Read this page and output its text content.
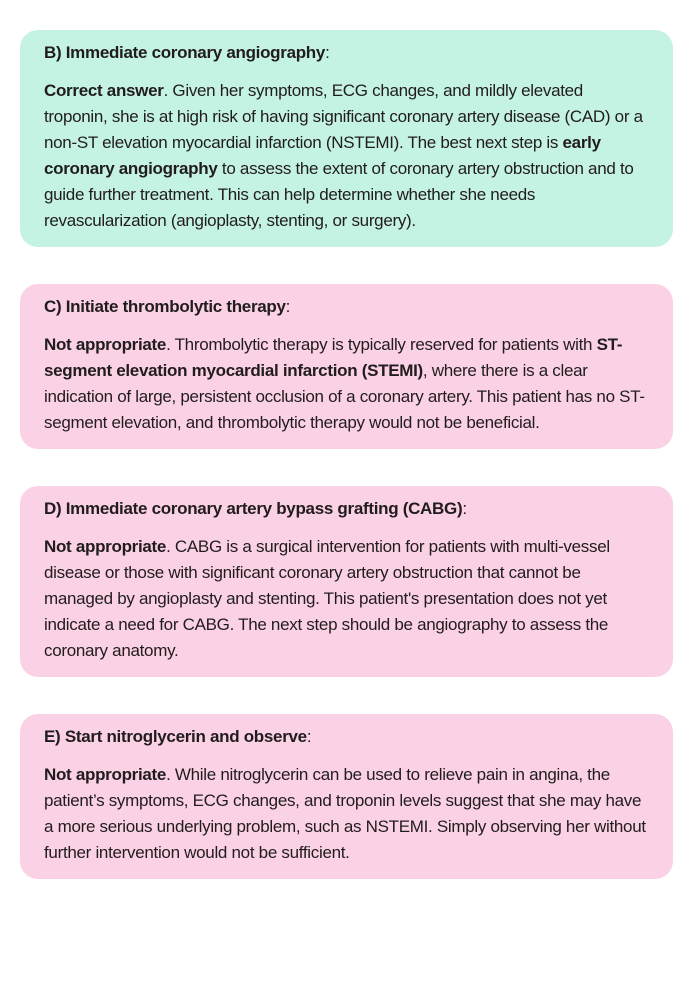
B) Immediate coronary angiography:

Correct answer. Given her symptoms, ECG changes, and mildly elevated troponin, she is at high risk of having significant coronary artery disease (CAD) or a non-ST elevation myocardial infarction (NSTEMI). The best next step is early coronary angiography to assess the extent of coronary artery obstruction and to guide further treatment. This can help determine whether she needs revascularization (angioplasty, stenting, or surgery).

C) Initiate thrombolytic therapy:

Not appropriate. Thrombolytic therapy is typically reserved for patients with ST-segment elevation myocardial infarction (STEMI), where there is a clear indication of large, persistent occlusion of a coronary artery. This patient has no ST-segment elevation, and thrombolytic therapy would not be beneficial.

D) Immediate coronary artery bypass grafting (CABG):

Not appropriate. CABG is a surgical intervention for patients with multi-vessel disease or those with significant coronary artery obstruction that cannot be managed by angioplasty and stenting. This patient's presentation does not yet indicate a need for CABG. The next step should be angiography to assess the coronary anatomy.

E) Start nitroglycerin and observe:

Not appropriate. While nitroglycerin can be used to relieve pain in angina, the patient’s symptoms, ECG changes, and troponin levels suggest that she may have a more serious underlying problem, such as NSTEMI. Simply observing her without further intervention would not be sufficient.
